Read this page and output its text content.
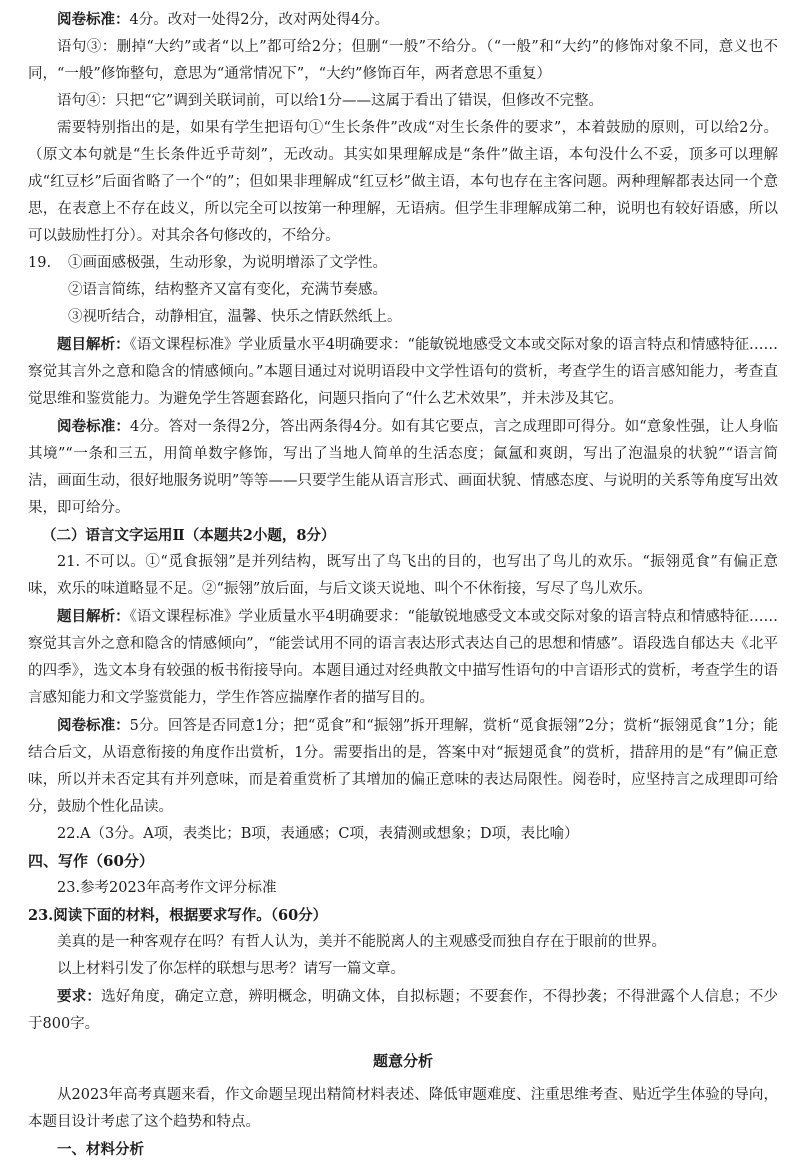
阅卷标准：4分。改对一处得2分，改对两处得4分。

语句③：删掉“大约”或者“以上”都可给2分；但删“一般”不给分。（“一般”和“大约”的修饰对象不同，意义也不同，“一般”修饰整句，意思为“通常情况下”，“大约”修饰百年，两者意思不重复）

语句④：只把“它”调到关联词前，可以给1分——这属于看出了错误，但修改不完整。

需要特别指出的是，如果有学生把语句①“生长条件”改成“对生长条件的要求”，本着鼓励的原则，可以给2分。（原文本句就是“生长条件近乎苛刻”，无改动。其实如果理解成是“条件”做主语，本句没什么不妥，顶多可以理解成“红豆杉”后面省略了一个“的”；但如果非理解成“红豆杉”做主语，本句也存在主客问题。两种理解都表达同一个意思，在表意上不存在歧义，所以完全可以按第一种理解，无语病。但学生非理解成第二种，说明也有较好语感，所以可以鼓励性打分）。对其余各句修改的，不给分。

19. ①画面感极强，生动形象，为说明增添了文学性。

②语言简练，结构整齐又富有变化，充满节奏感。

③视听结合，动静相宜，温馨、快乐之情跃然纸上。

题目解析：《语文课程标准》学业质量水平4明确要求：“能敏锐地感受文本或交际对象的语言特点和情感特征……察觉其言外之意和隐含的情感倾向。”本题目通过对说明语段中文学性语句的赏析，考查学生的语言感知能力，考查直觉思维和鉴赏能力。为避免学生答题套路化，问题只指向了“什么艺术效果”，并未涉及其它。

阅卷标准：4分。答对一条得2分，答出两条得4分。如有其它要点，言之成理即可得分。如“意象性强，让人身临其境”“一条和三五，用简单数字修饰，写出了当地人简单的生活态度；氤氲和爽朗，写出了泡温泉的状貌”“语言简洁，画面生动，很好地服务说明”等等——只要学生能从语言形式、画面状貌、情感态度、与说明的关系等角度写出效果，即可给分。

（二）语言文字运用Ⅱ（本题共2小题，8分）

21. 不可以。①“觅食振翎”是并列结构，既写出了鸟飞出的目的，也写出了鸟儿的欢乐。“振翎觅食”有偏正意味，欢乐的味道略显不足。②“振翎”放后面，与后文谈天说地、叫个不休衔接，写尽了鸟儿欢乐。

题目解析：《语文课程标准》学业质量水平4明确要求：“能敏锐地感受文本或交际对象的语言特点和情感特征……察觉其言外之意和隐含的情感倾向”，“能尝试用不同的语言表达形式表达自己的思想和情感”。语段选自郁达夫《北平的四季》，选文本身有较强的板书衔接导向。本题目通过对经典散文中描写性语句的中言语形式的赏析，考查学生的语言感知能力和文学鉴赏能力，学生作答应揣摩作者的描写目的。

阅卷标准：5分。回答是否同意1分；把“觅食”和“振翎”拆开理解，赏析“觅食振翎”2分；赏析“振翎觅食”1分；能结合后文，从语意衔接的角度作出赏析，1分。需要指出的是，答案中对“振翅觅食”的赏析，措辞用的是“有”偏正意味，所以并未否定其有并列意味，而是着重赏析了其增加的偏正意味的表达局限性。阅卷时，应坚持言之成理即可给分，鼓励个性化品读。

22.A（3分。A项，表类比；B项，表通感；C项，表猜测或想象；D项，表比喻）

四、写作（60分）

23.参考2023年高考作文评分标准

23.阅读下面的材料，根据要求写作。（60分）

美真的是一种客观存在吗？有哲人认为，美并不能脱离人的主观感受而独自存在于眼前的世界。

以上材料引发了你怎样的联想与思考？请写一篇文章。

要求：选好角度，确定立意，辨明概念，明确文体，自拟标题；不要套作，不得抄袭；不得泄露个人信息；不少于800字。

题意分析

从2023年高考真题来看，作文命题呈现出精简材料表述、降低审题难度、注重思维考查、贴近学生体验的导向，本题目设计考虑了这个趋势和特点。

一、材料分析
